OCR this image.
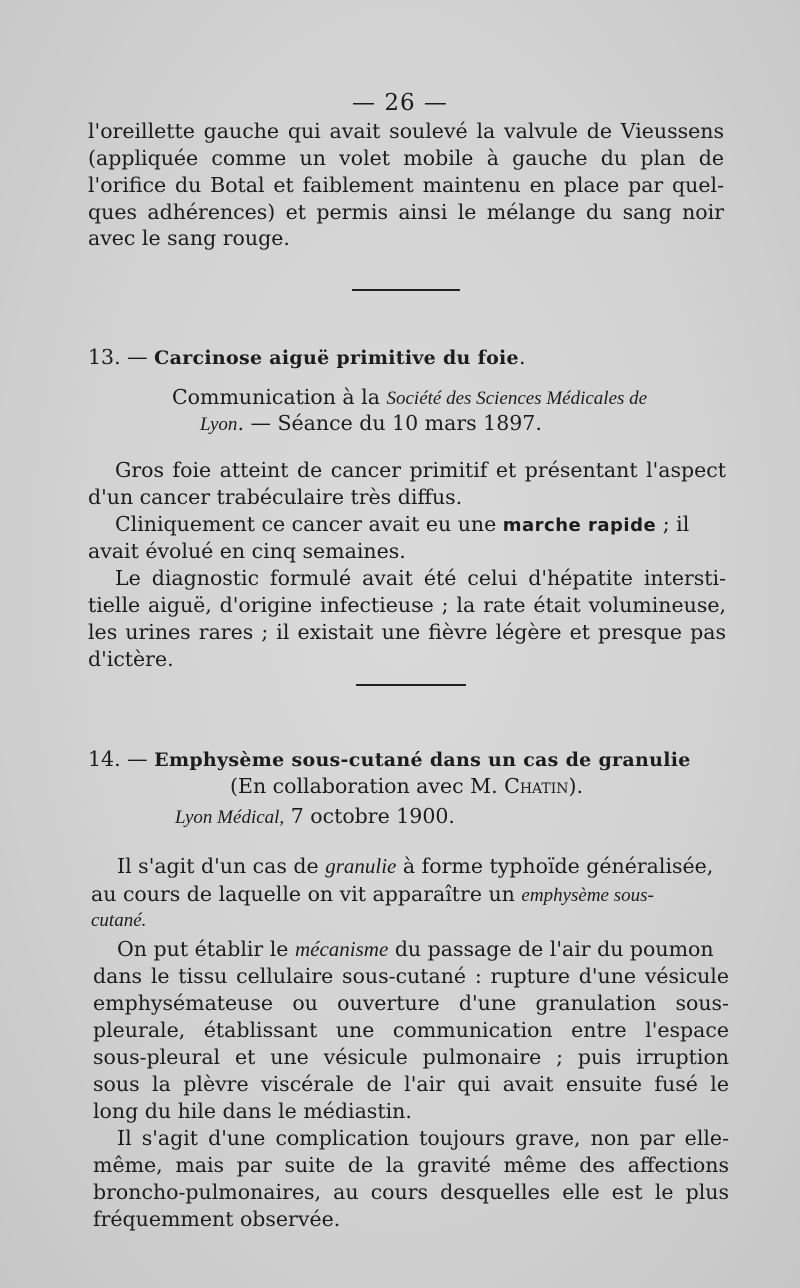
— 26 —
l'oreillette gauche qui avait soulevé la valvule de Vieussens
(appliquée comme un volet mobile à gauche du plan de
l'orifice du Botal et faiblement maintenu en place par quel-
ques adhérences) et permis ainsi le mélange du sang noir
avec le sang rouge.
13. — Carcinose aiguë primitive du foie.
Communication à la Société des Sciences Médicales de
Lyon. — Séance du 10 mars 1897.
Gros foie atteint de cancer primitif et présentant l'aspect
d'un cancer trabéculaire très diffus.
Cliniquement ce cancer avait eu une marche rapide ; il
avait évolué en cinq semaines.
Le diagnostic formulé avait été celui d'hépatite intersti-
tielle aiguë, d'origine infectieuse ; la rate était volumineuse,
les urines rares ; il existait une fièvre légère et presque pas
d'ictère.
14. — Emphysème sous-cutané dans un cas de granulie
(En collaboration avec M. Chatin).
Lyon Médical, 7 octobre 1900.
Il s'agit d'un cas de granulie à forme typhoïde généralisée,
au cours de laquelle on vit apparaître un emphysème sous-
cutané.
On put établir le mécanisme du passage de l'air du poumon
dans le tissu cellulaire sous-cutané : rupture d'une vésicule
emphysémateuse ou ouverture d'une granulation sous-
pleurale, établissant une communication entre l'espace
sous-pleural et une vésicule pulmonaire ; puis irruption
sous la plèvre viscérale de l'air qui avait ensuite fusé le
long du hile dans le médiastin.
Il s'agit d'une complication toujours grave, non par elle-
même, mais par suite de la gravité même des affections
broncho-pulmonaires, au cours desquelles elle est le plus
fréquemment observée.
